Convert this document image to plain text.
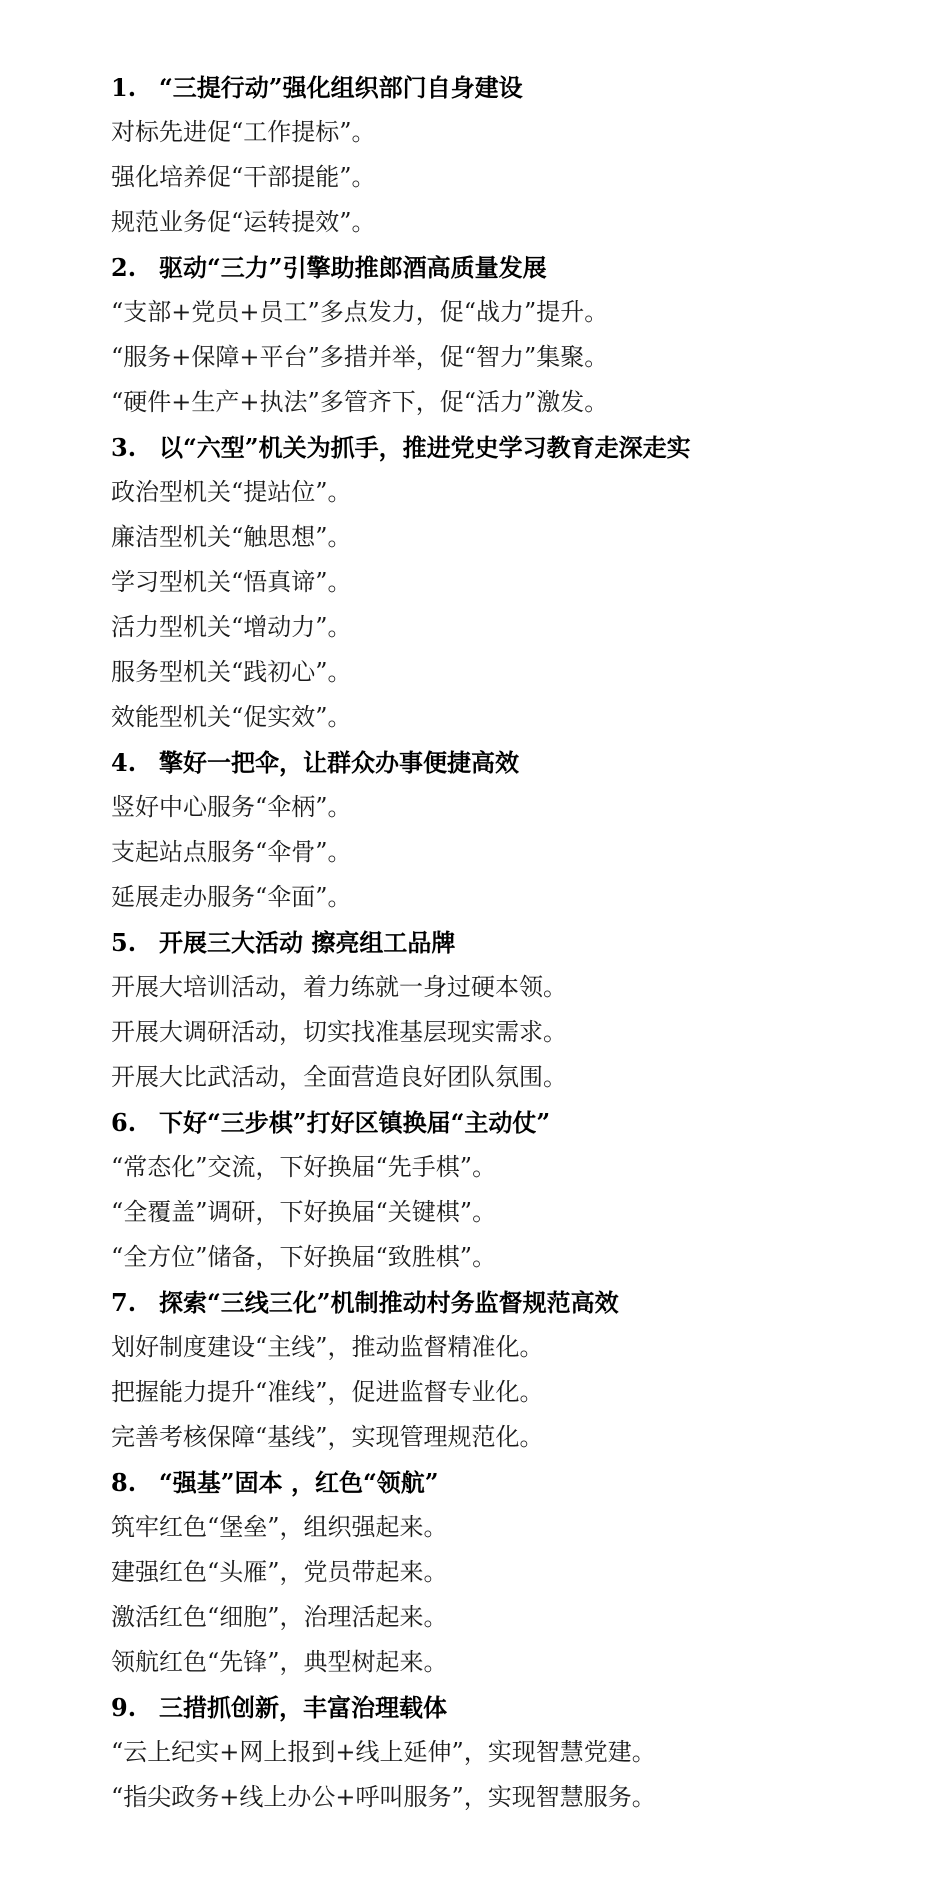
1. “三提行动”强化组织部门自身建设
对标先进促“工作提标”。
强化培养促“干部提能”。
规范业务促“运转提效”。
2. 驱动“三力”引擎助推郎酒高质量发展
“支部+党员+员工”多点发力，促“战力”提升。
“服务+保障+平台”多措并举，促“智力”集聚。
“硬件+生产+执法”多管齐下，促“活力”激发。
3. 以“六型”机关为抓手，推进党史学习教育走深走实
政治型机关“提站位”。
廉洁型机关“触思想”。
学习型机关“悟真谛”。
活力型机关“增动力”。
服务型机关“践初心”。
效能型机关“促实效”。
4. 擎好一把伞，让群众办事便捷高效
竖好中心服务“伞柄”。
支起站点服务“伞骨”。
延展走办服务“伞面”。
5. 开展三大活动 擦亮组工品牌
开展大培训活动，着力练就一身过硬本领。
开展大调研活动，切实找准基层现实需求。
开展大比武活动，全面营造良好团队氛围。
6. 下好“三步棋”打好区镇换届“主动仗”
“常态化”交流，下好换届“先手棋”。
“全覆盖”调研，下好换届“关键棋”。
“全方位”储备，下好换届“致胜棋”。
7. 探索“三线三化”机制推动村务监督规范高效
划好制度建设“主线”，推动监督精准化。
把握能力提升“准线”，促进监督专业化。
完善考核保障“基线”，实现管理规范化。
8. “强基”固本 ，红色“领航”
筑牢红色“堡垒”，组织强起来。
建强红色“头雁”，党员带起来。
激活红色“细胞”，治理活起来。
领航红色“先锋”，典型树起来。
9. 三措抓创新，丰富治理载体
“云上纪实+网上报到+线上延伸”，实现智慧党建。
“指尖政务+线上办公+呼叫服务”，实现智慧服务。
